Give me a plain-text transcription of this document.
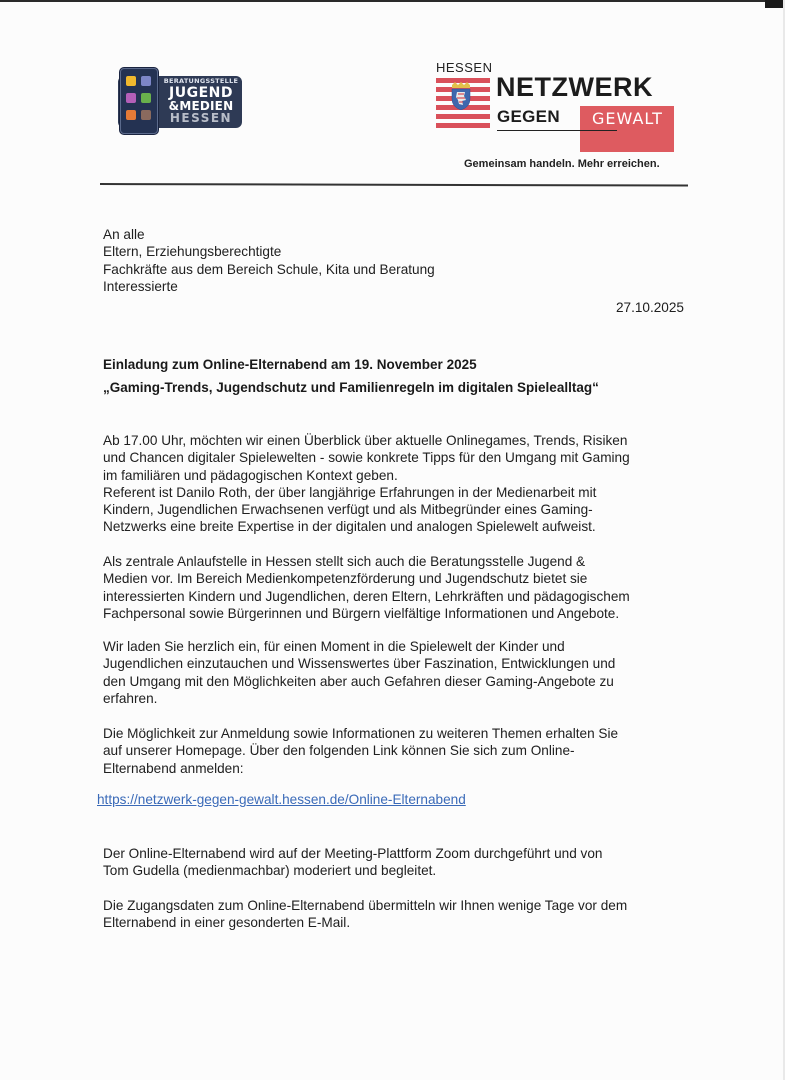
BERATUNGSSTELLE
JUGEND
&MEDIEN
HESSEN
HESSEN
NETZWERK
GEWALT
GEGEN
Gemeinsam handeln. Mehr erreichen.
An alle
Eltern, Erziehungsberechtigte
Fachkräfte aus dem Bereich Schule, Kita und Beratung
Interessierte
27.10.2025
Einladung zum Online-Elternabend am 19. November 2025
„Gaming-Trends, Jugendschutz und Familienregeln im digitalen Spielealltag“
Ab 17.00 Uhr, möchten wir einen Überblick über aktuelle Onlinegames, Trends, Risiken
und Chancen digitaler Spielewelten - sowie konkrete Tipps für den Umgang mit Gaming
im familiären und pädagogischen Kontext geben.
Referent ist Danilo Roth, der über langjährige Erfahrungen in der Medienarbeit mit
Kindern, Jugendlichen Erwachsenen verfügt und als Mitbegründer eines Gaming-
Netzwerks eine breite Expertise in der digitalen und analogen Spielewelt aufweist.
Als zentrale Anlaufstelle in Hessen stellt sich auch die Beratungsstelle Jugend &
Medien vor. Im Bereich Medienkompetenzförderung und Jugendschutz bietet sie
interessierten Kindern und Jugendlichen, deren Eltern, Lehrkräften und pädagogischem
Fachpersonal sowie Bürgerinnen und Bürgern vielfältige Informationen und Angebote.
Wir laden Sie herzlich ein, für einen Moment in die Spielewelt der Kinder und
Jugendlichen einzutauchen und Wissenswertes über Faszination, Entwicklungen und
den Umgang mit den Möglichkeiten aber auch Gefahren dieser Gaming-Angebote zu
erfahren.
Die Möglichkeit zur Anmeldung sowie Informationen zu weiteren Themen erhalten Sie
auf unserer Homepage. Über den folgenden Link können Sie sich zum Online-
Elternabend anmelden:
https://netzwerk-gegen-gewalt.hessen.de/Online-Elternabend
Der Online-Elternabend wird auf der Meeting-Plattform Zoom durchgeführt und von
Tom Gudella (medienmachbar) moderiert und begleitet.
Die Zugangsdaten zum Online-Elternabend übermitteln wir Ihnen wenige Tage vor dem
Elternabend in einer gesonderten E-Mail.
